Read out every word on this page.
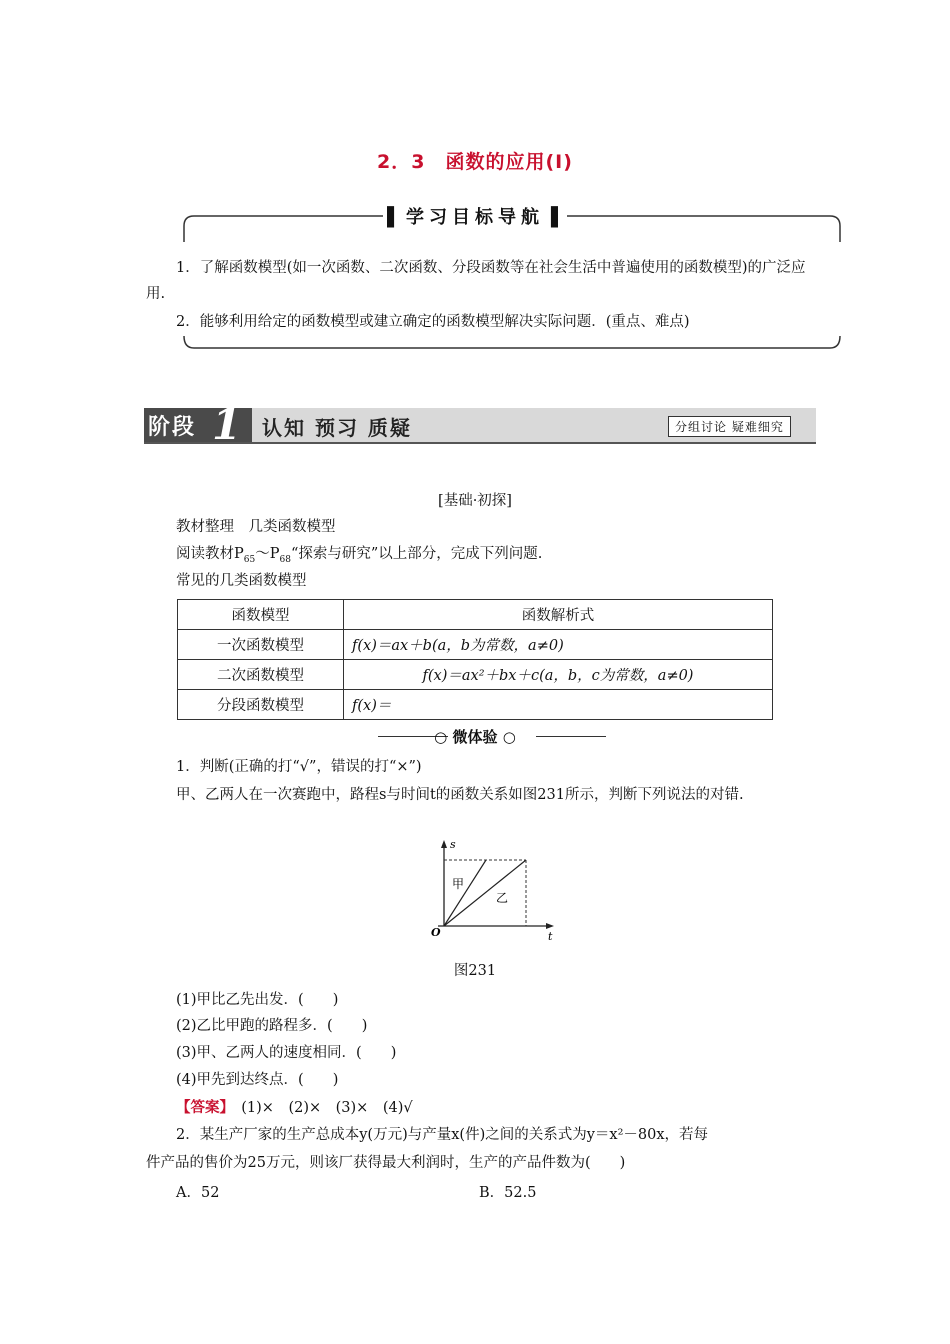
2．3　函数的应用(Ⅰ)
▌学习目标导航▐
1．了解函数模型(如一次函数、二次函数、分段函数等在社会生活中普遍使用的函数模型)的广泛应用.
2．能够利用给定的函数模型或建立确定的函数模型解决实际问题．(重点、难点)
阶段 1 认知 预习 质疑	分组讨论 疑难细究
[基础·初探]
教材整理　几类函数模型
阅读教材$P_{65}\sim P_{68}“$探索与研究”以上部分，完成下列问题.
常见的几类函数模型
函数模型	函数解析式
一次函数模型	f(x)＝ax＋b(a，b为常数，a≠0)
二次函数模型	f(x)＝ax²＋bx＋c(a，b，c为常数，a≠0)
分段函数模型	f(x)＝
○ 微体验 ○
1．判断(正确的打“√”，错误的打“×”)
甲、乙两人在一次赛跑中，路程s与时间t的函数关系如图231所示，判断下列说法的对错.
s
t
O
甲
乙
图231
(1)甲比乙先出发．(　　)
(2)乙比甲跑的路程多．(　　)
(3)甲、乙两人的速度相同．(　　)
(4)甲先到达终点．(　　)
【答案】　(1)×　(2)×　(3)×　(4)√
2．某生产厂家的生产总成本y(万元)与产量x(件)之间的关系式为y＝x²－80x，若每
件产品的售价为25万元，则该厂获得最大利润时，生产的产品件数为(　　)
A．52	B．52.5
